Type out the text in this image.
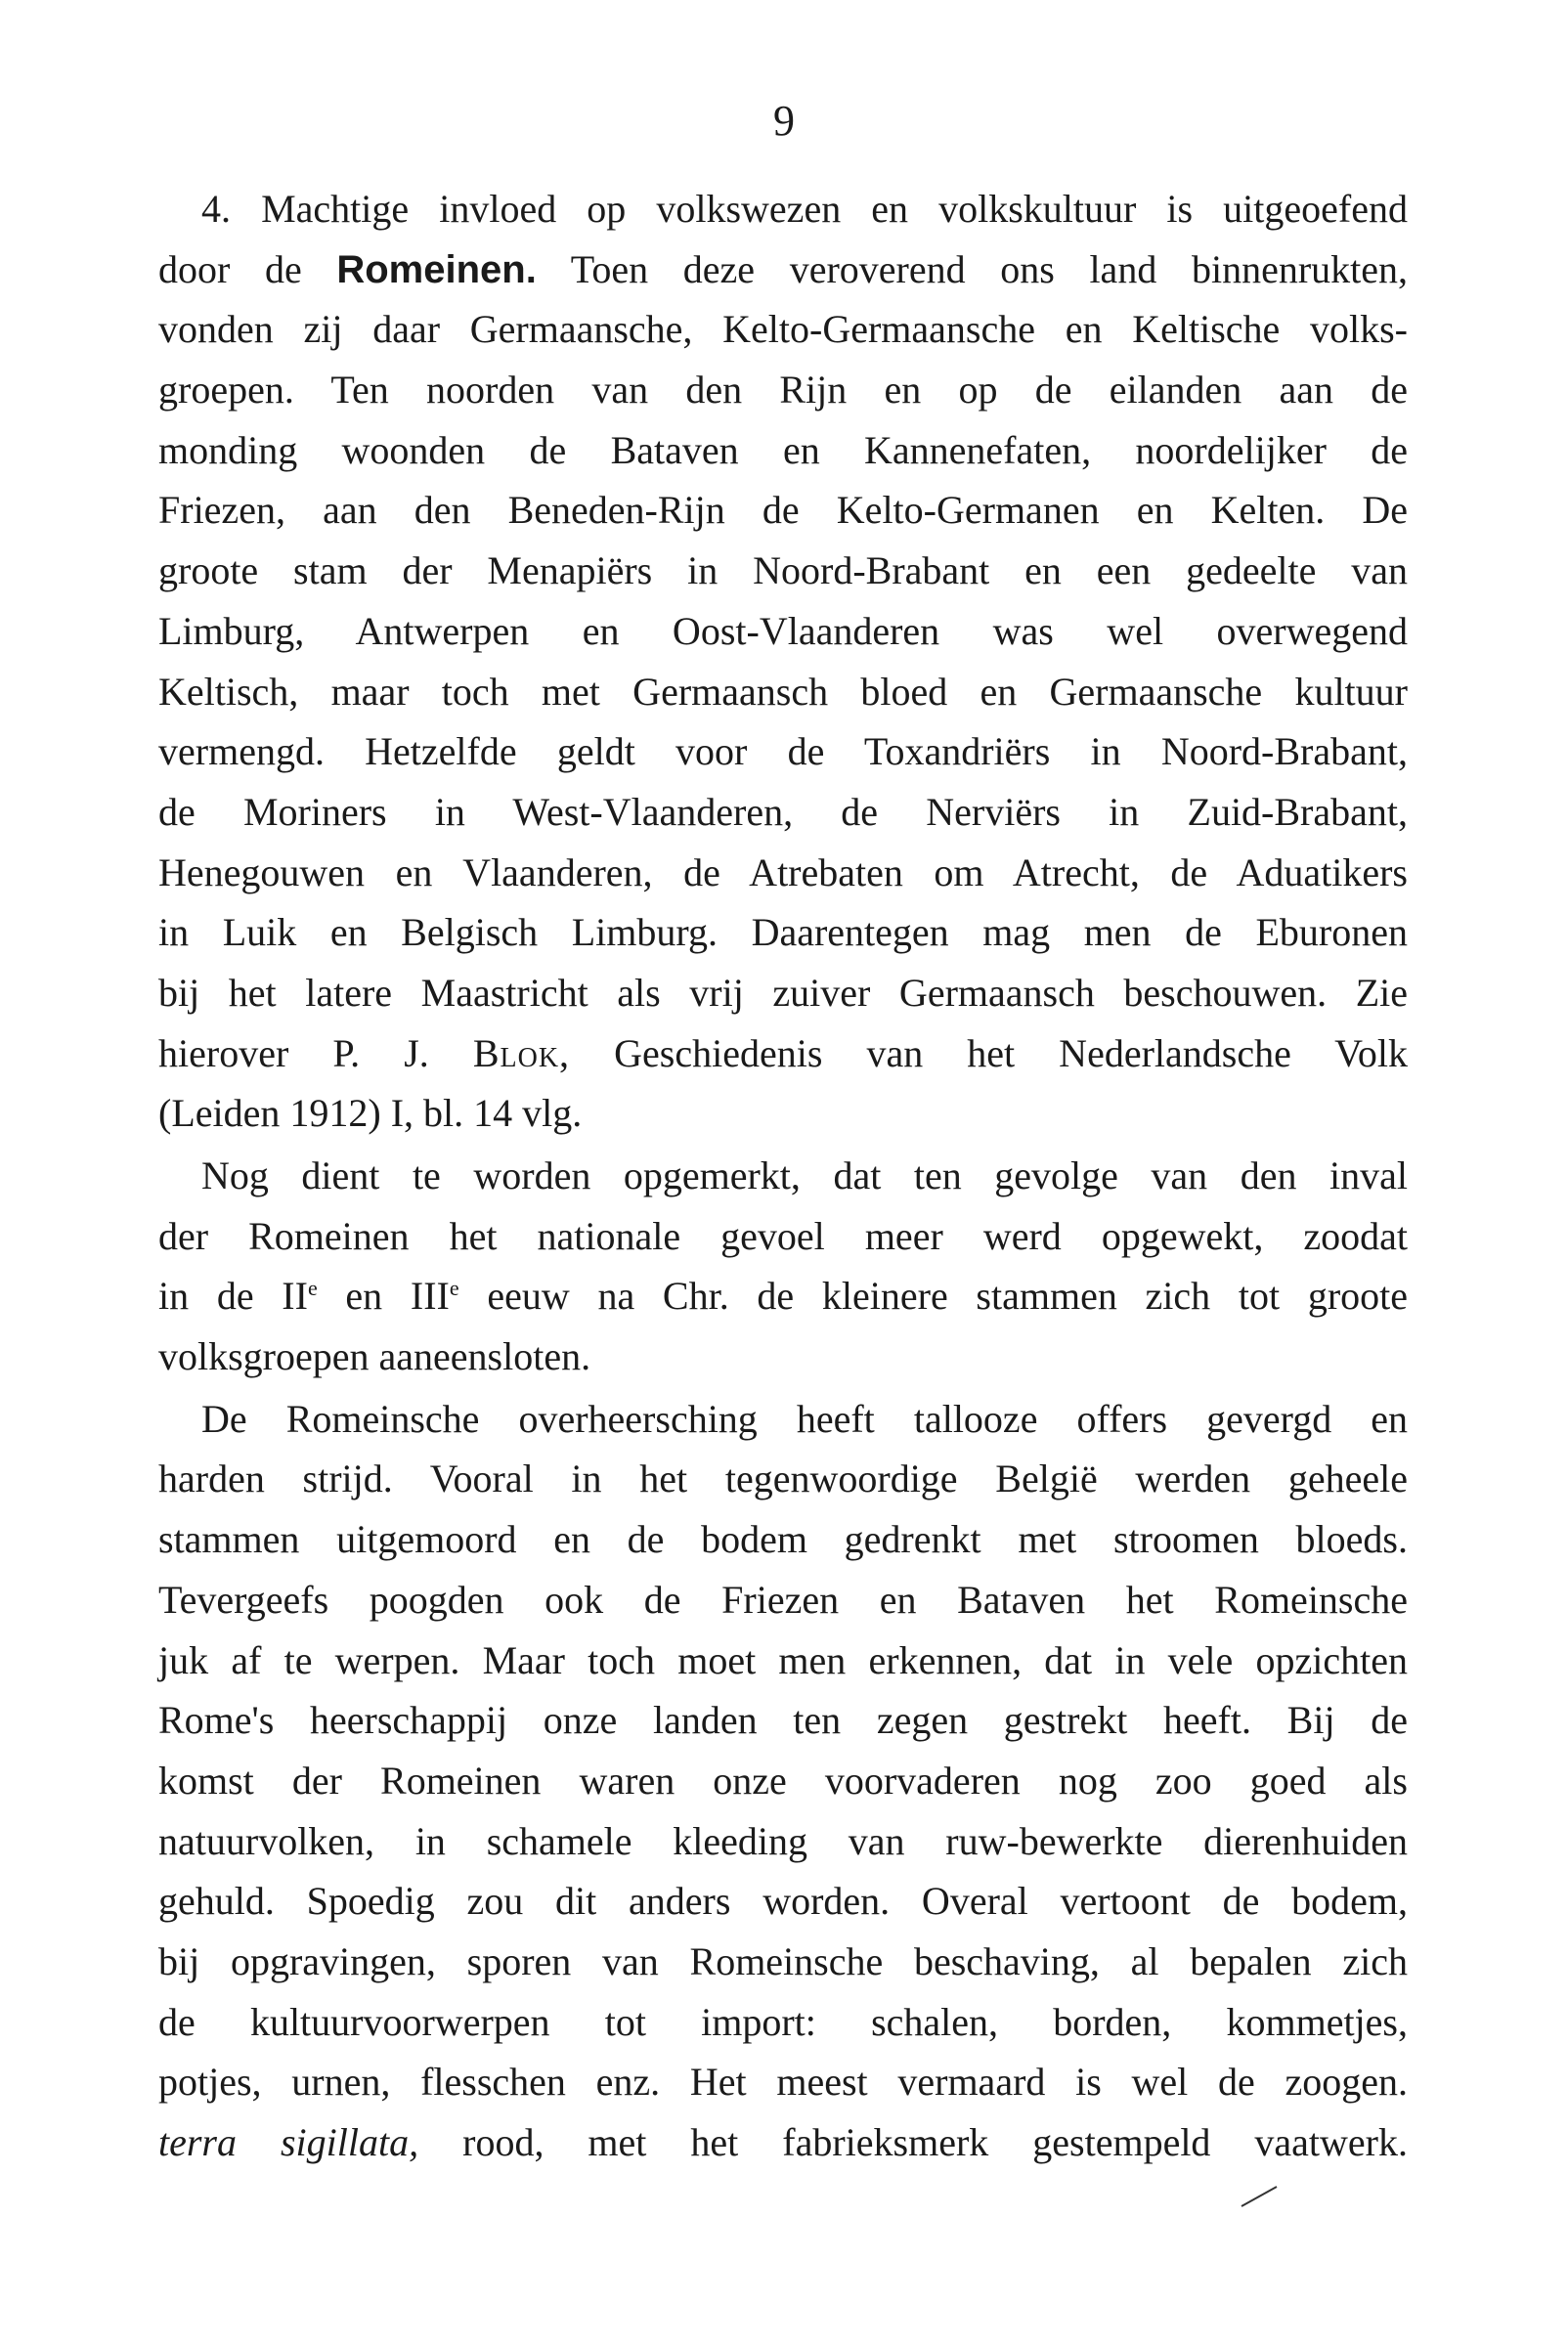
9
4. Machtige invloed op volkswezen en volkskultuur is uitgeoefend
door de Romeinen. Toen deze veroverend ons land binnenrukten,
vonden zij daar Germaansche, Kelto-Germaansche en Keltische volks-
groepen. Ten noorden van den Rijn en op de eilanden aan de
monding woonden de Bataven en Kannenefaten, noordelijker de
Friezen, aan den Beneden-Rijn de Kelto-Germanen en Kelten. De
groote stam der Menapiërs in Noord-Brabant en een gedeelte van
Limburg, Antwerpen en Oost-Vlaanderen was wel overwegend
Keltisch, maar toch met Germaansch bloed en Germaansche kultuur
vermengd. Hetzelfde geldt voor de Toxandriërs in Noord-Brabant,
de Moriners in West-Vlaanderen, de Nerviërs in Zuid-Brabant,
Henegouwen en Vlaanderen, de Atrebaten om Atrecht, de Aduatikers
in Luik en Belgisch Limburg. Daarentegen mag men de Eburonen
bij het latere Maastricht als vrij zuiver Germaansch beschouwen. Zie
hierover P. J. Blok, Geschiedenis van het Nederlandsche Volk
(Leiden 1912) I, bl. 14 vlg.
Nog dient te worden opgemerkt, dat ten gevolge van den inval
der Romeinen het nationale gevoel meer werd opgewekt, zoodat
in de IIe en IIIe eeuw na Chr. de kleinere stammen zich tot groote
volksgroepen aaneensloten.
De Romeinsche overheersching heeft tallooze offers gevergd en
harden strijd. Vooral in het tegenwoordige België werden geheele
stammen uitgemoord en de bodem gedrenkt met stroomen bloeds.
Tevergeefs poogden ook de Friezen en Bataven het Romeinsche
juk af te werpen. Maar toch moet men erkennen, dat in vele opzichten
Rome's heerschappij onze landen ten zegen gestrekt heeft. Bij de
komst der Romeinen waren onze voorvaderen nog zoo goed als
natuurvolken, in schamele kleeding van ruw-bewerkte dierenhuiden
gehuld. Spoedig zou dit anders worden. Overal vertoont de bodem,
bij opgravingen, sporen van Romeinsche beschaving, al bepalen zich
de kultuurvoorwerpen tot import: schalen, borden, kommetjes,
potjes, urnen, flesschen enz. Het meest vermaard is wel de zoogen.
terra sigillata, rood, met het fabrieksmerk gestempeld vaatwerk.
